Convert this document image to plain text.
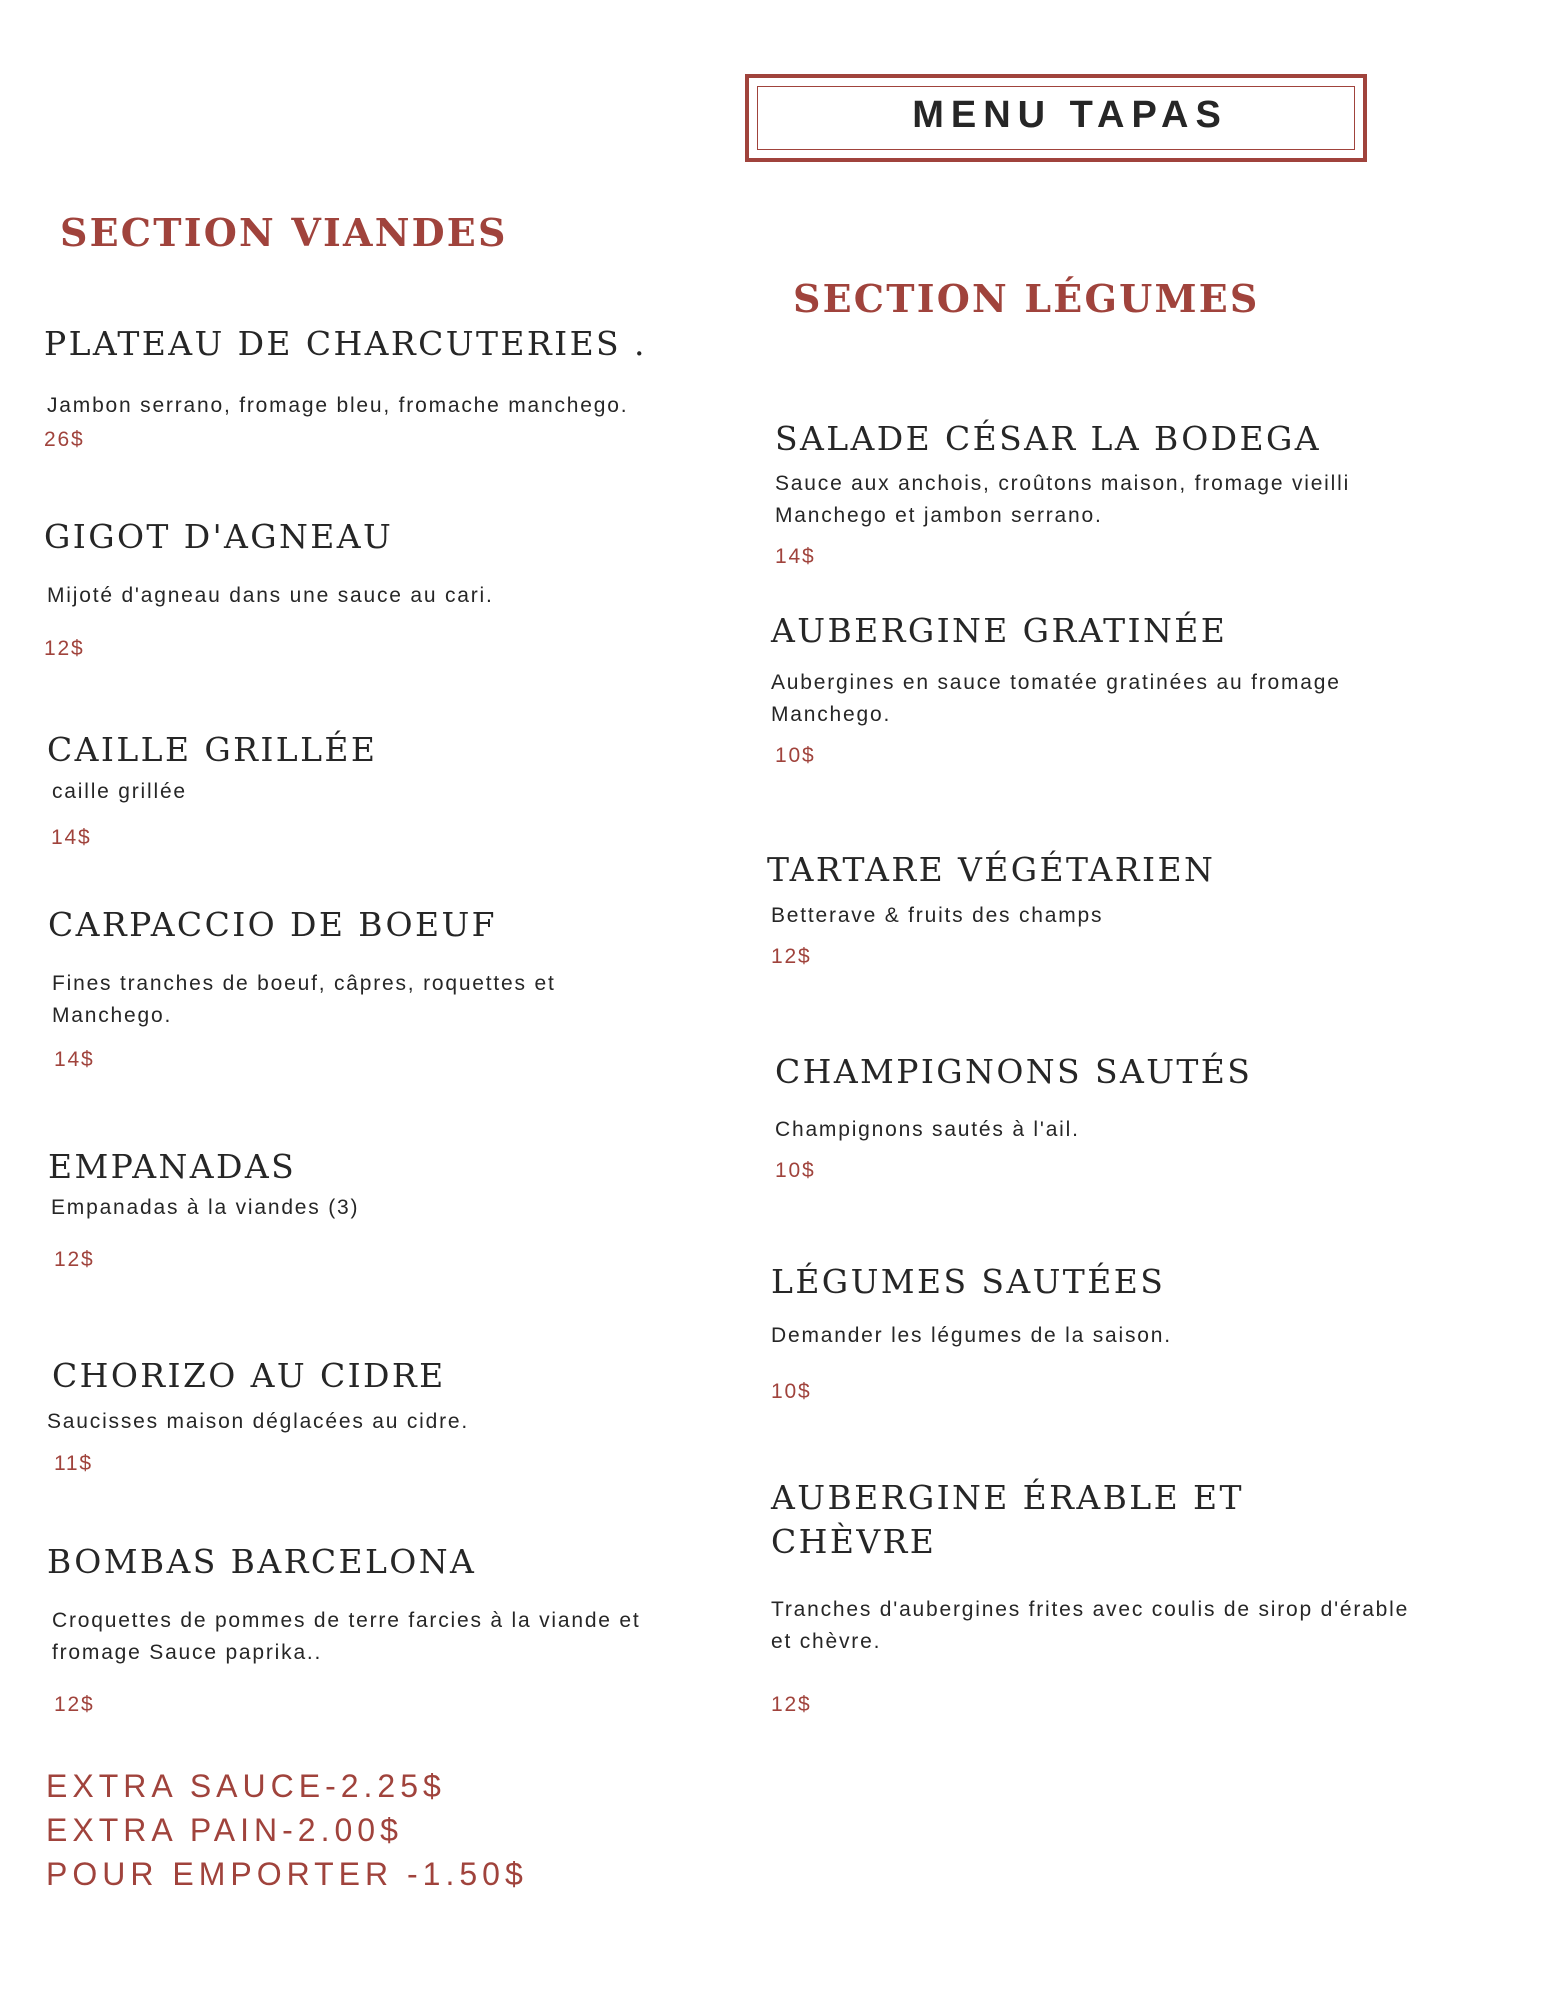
MENU TAPAS
SECTION VIANDES
SECTION LÉGUMES
PLATEAU DE CHARCUTERIES .
Jambon serrano, fromage bleu, fromache manchego.
26$
GIGOT D'AGNEAU
Mijoté d'agneau dans une sauce au cari.
12$
CAILLE GRILLÉE
caille grillée
14$
CARPACCIO DE BOEUF
Fines tranches de boeuf, câpres, roquettes et Manchego.
14$
EMPANADAS
Empanadas à la viandes (3)
12$
CHORIZO AU CIDRE
Saucisses maison déglacées au cidre.
11$
BOMBAS BARCELONA
Croquettes de pommes de terre farcies à la viande et fromage Sauce paprika..
12$
SALADE CÉSAR LA BODEGA
Sauce aux anchois, croûtons maison, fromage vieilli Manchego et jambon serrano.
14$
AUBERGINE GRATINÉE
Aubergines en sauce tomatée gratinées au fromage Manchego.
10$
TARTARE VÉGÉTARIEN
Betterave & fruits des champs
12$
CHAMPIGNONS SAUTÉS
Champignons sautés à l'ail.
10$
LÉGUMES SAUTÉES
Demander les légumes de la saison.
10$
AUBERGINE ÉRABLE ET CHÈVRE
Tranches d'aubergines frites avec coulis de sirop d'érable et chèvre.
12$
EXTRA SAUCE-2.25$
EXTRA PAIN-2.00$
POUR EMPORTER -1.50$
